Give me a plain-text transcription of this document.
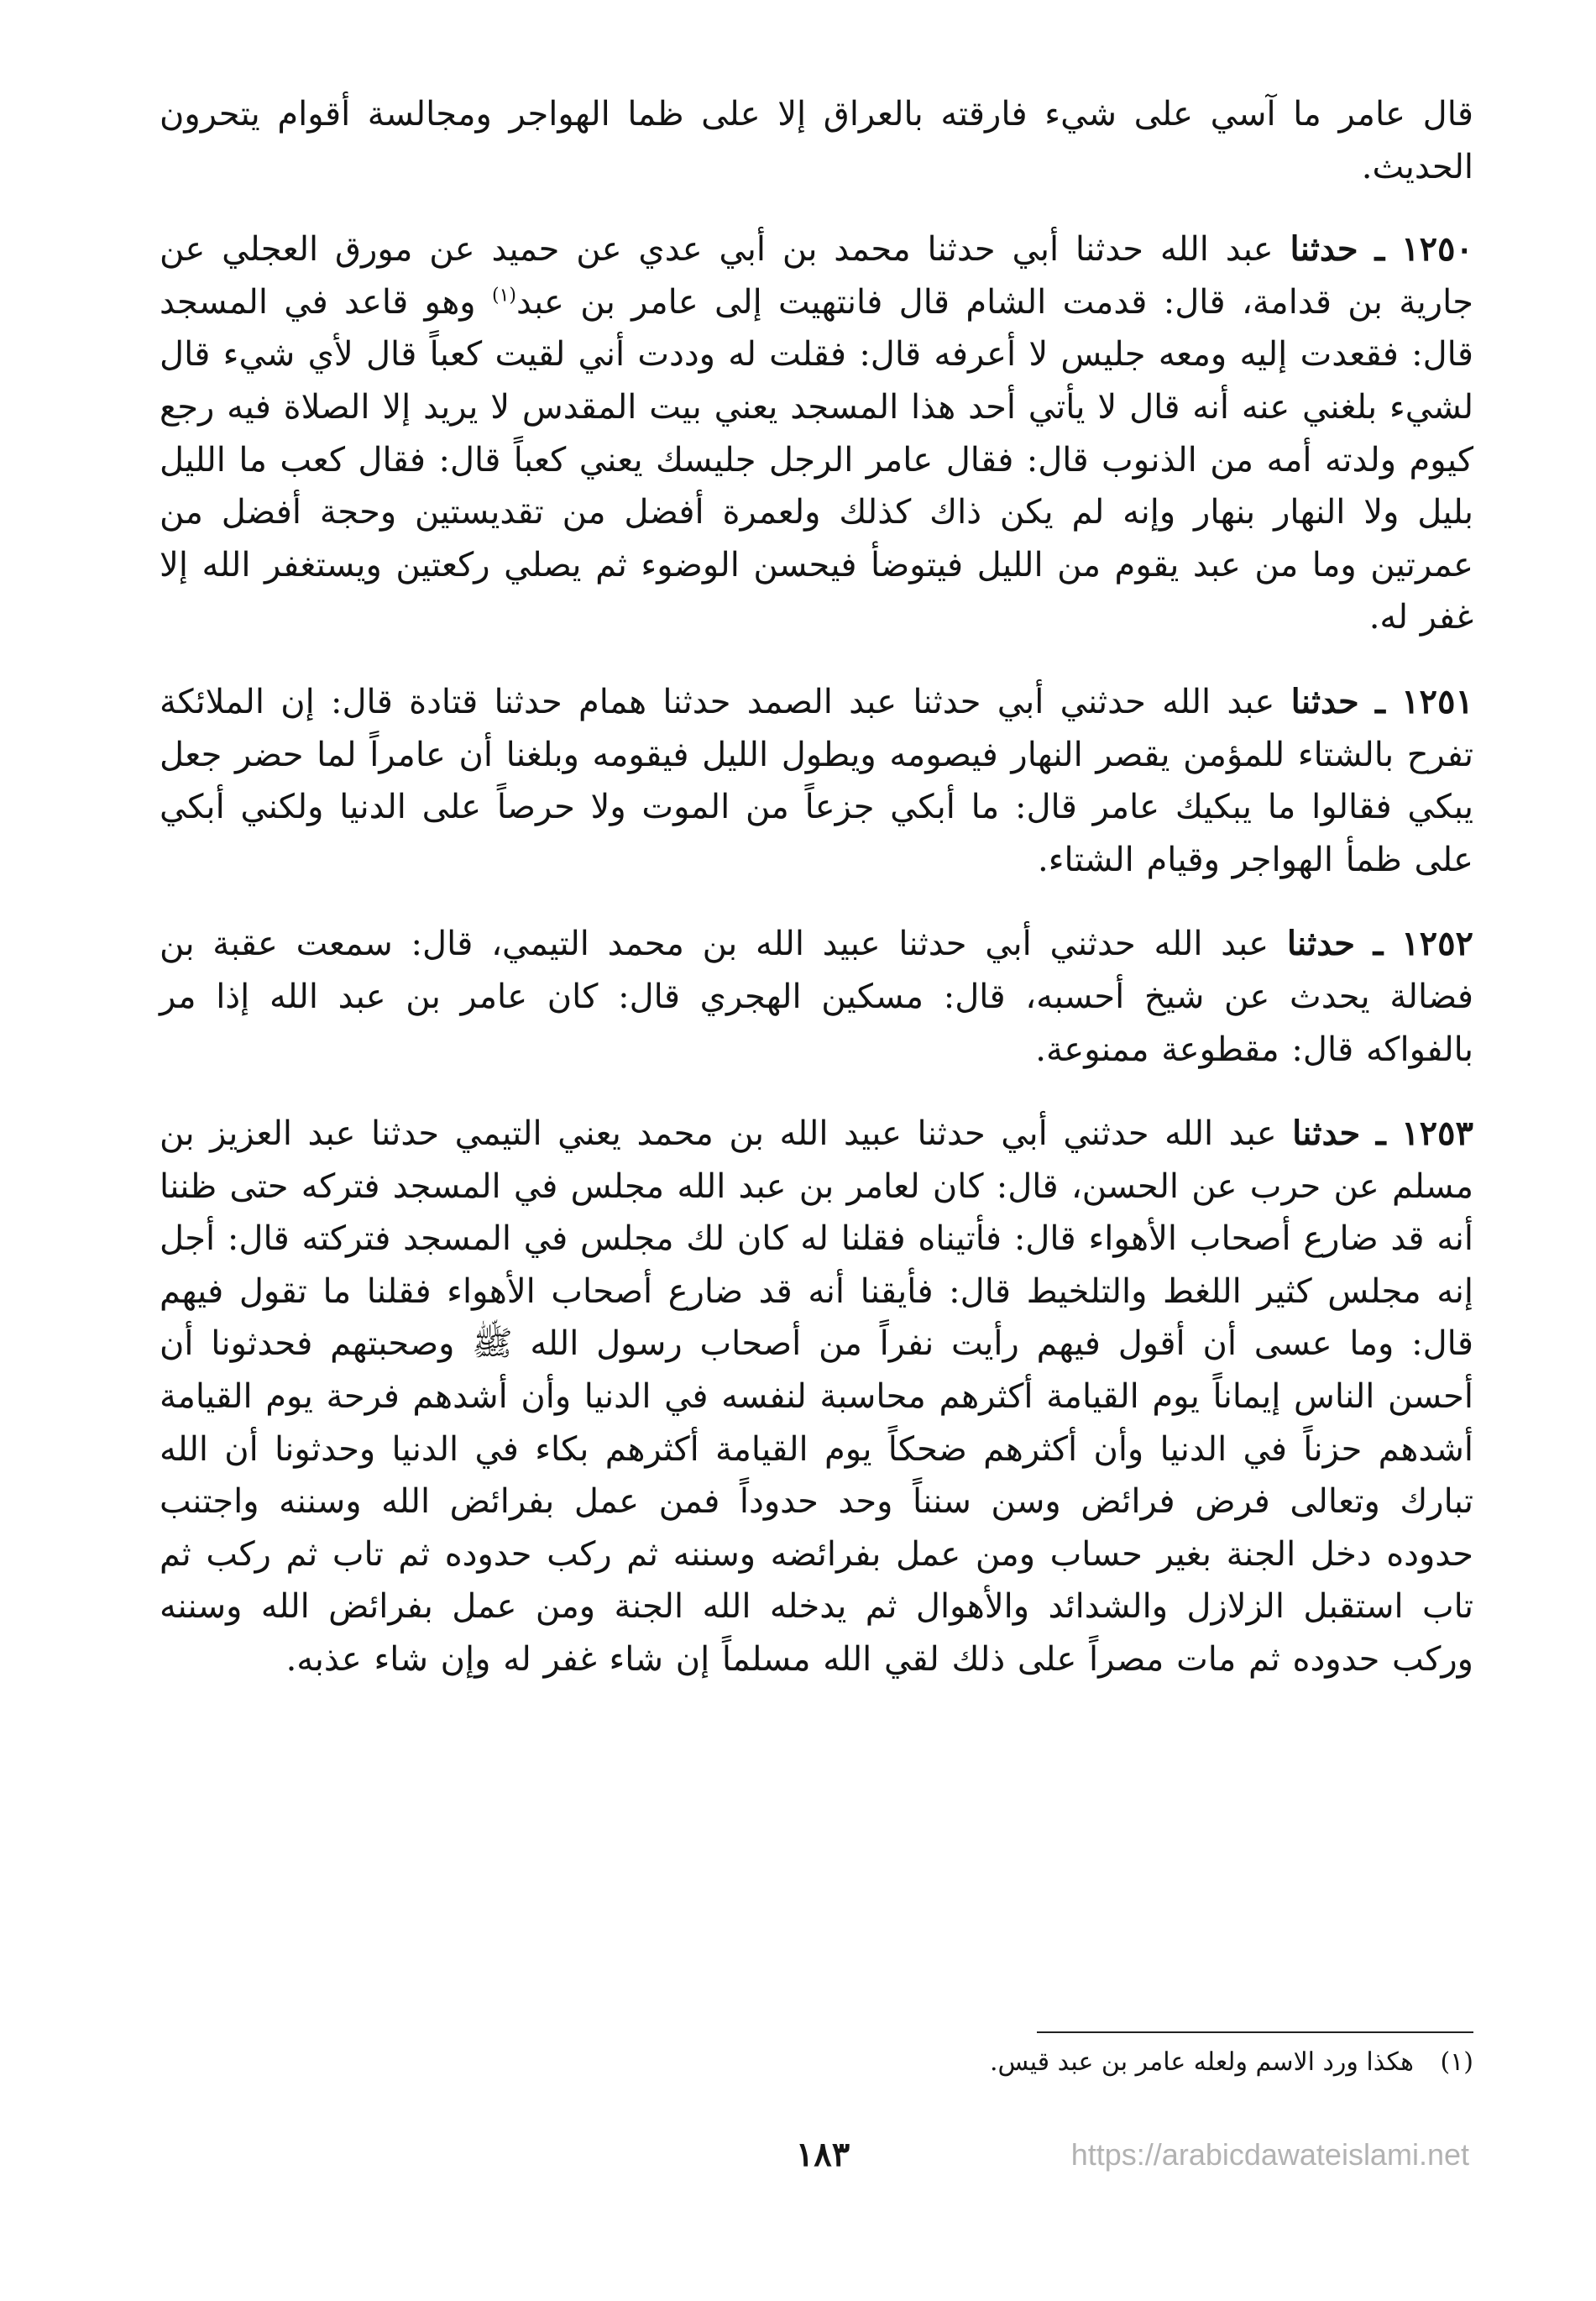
قال عامر ما آسي على شيء فارقته بالعراق إلا على ظما الهواجر ومجالسة أقوام يتحرون الحديث.

١٢٥٠ ـ حدثنا عبد الله حدثنا أبي حدثنا محمد بن أبي عدي عن حميد عن مورق العجلي عن جارية بن قدامة، قال: قدمت الشام قال فانتهيت إلى عامر بن عبد$^{(١)}$ وهو قاعد في المسجد قال: فقعدت إليه ومعه جليس لا أعرفه قال: فقلت له وددت أني لقيت كعباً قال لأي شيء قال لشيء بلغني عنه أنه قال لا يأتي أحد هذا المسجد يعني بيت المقدس لا يريد إلا الصلاة فيه رجع كيوم ولدته أمه من الذنوب قال: فقال عامر الرجل جليسك يعني كعباً قال: فقال كعب ما الليل بليل ولا النهار بنهار وإنه لم يكن ذاك كذلك ولعمرة أفضل من تقديستين وحجة أفضل من عمرتين وما من عبد يقوم من الليل فيتوضأ فيحسن الوضوء ثم يصلي ركعتين ويستغفر الله إلا غفر له.

١٢٥١ ـ حدثنا عبد الله حدثني أبي حدثنا عبد الصمد حدثنا همام حدثنا قتادة قال: إن الملائكة تفرح بالشتاء للمؤمن يقصر النهار فيصومه ويطول الليل فيقومه وبلغنا أن عامراً لما حضر جعل يبكي فقالوا ما يبكيك عامر قال: ما أبكي جزعاً من الموت ولا حرصاً على الدنيا ولكني أبكي على ظمأ الهواجر وقيام الشتاء.

١٢٥٢ ـ حدثنا عبد الله حدثني أبي حدثنا عبيد الله بن محمد التيمي، قال: سمعت عقبة بن فضالة يحدث عن شيخ أحسبه، قال: مسكين الهجري قال: كان عامر بن عبد الله إذا مر بالفواكه قال: مقطوعة ممنوعة.

١٢٥٣ ـ حدثنا عبد الله حدثني أبي حدثنا عبيد الله بن محمد يعني التيمي حدثنا عبد العزيز بن مسلم عن حرب عن الحسن، قال: كان لعامر بن عبد الله مجلس في المسجد فتركه حتى ظننا أنه قد ضارع أصحاب الأهواء قال: فأتيناه فقلنا له كان لك مجلس في المسجد فتركته قال: أجل إنه مجلس كثير اللغط والتلخيط قال: فأيقنا أنه قد ضارع أصحاب الأهواء فقلنا ما تقول فيهم قال: وما عسى أن أقول فيهم رأيت نفراً من أصحاب رسول الله ﷺ وصحبتهم فحدثونا أن أحسن الناس إيماناً يوم القيامة أكثرهم محاسبة لنفسه في الدنيا وأن أشدهم فرحة يوم القيامة أشدهم حزناً في الدنيا وأن أكثرهم ضحكاً يوم القيامة أكثرهم بكاء في الدنيا وحدثونا أن الله تبارك وتعالى فرض فرائض وسن سنناً وحد حدوداً فمن عمل بفرائض الله وسننه واجتنب حدوده دخل الجنة بغير حساب ومن عمل بفرائضه وسننه ثم ركب حدوده ثم تاب ثم ركب ثم تاب استقبل الزلازل والشدائد والأهوال ثم يدخله الله الجنة ومن عمل بفرائض الله وسننه وركب حدوده ثم مات مصراً على ذلك لقي الله مسلماً إن شاء غفر له وإن شاء عذبه.

(١) هكذا ورد الاسم ولعله عامر بن عبد قيس.
١٨٣	https://arabicdawateislami.net
